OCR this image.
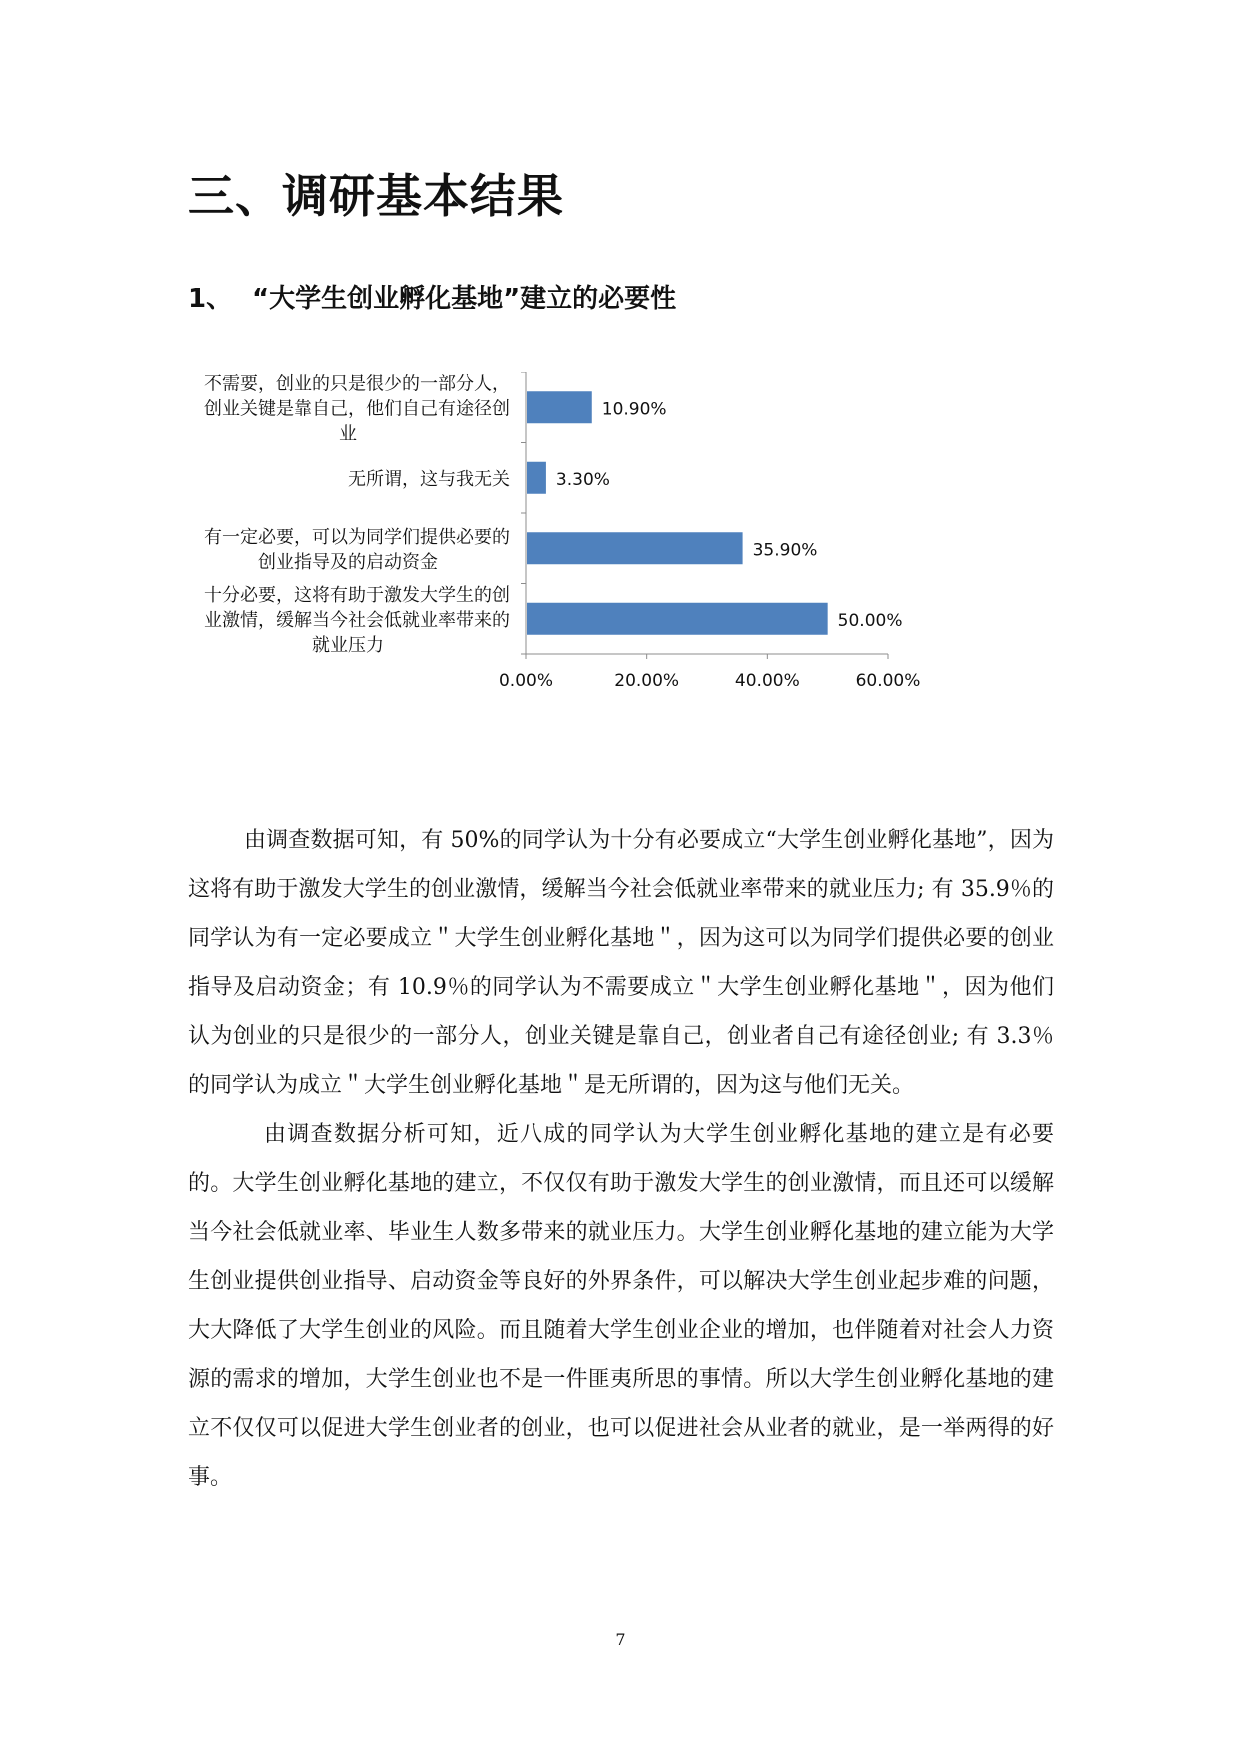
三、调研基本结果
1、 “大学生创业孵化基地”建立的必要性
0.00%	20.00%	40.00%	60.00%
10.90%
不需要，创业的只是很少的一部分人，
创业关键是靠自己，他们自己有途径创
业
3.30%
无所谓，这与我无关
35.90%
有一定必要，可以为同学们提供必要的
创业指导及的启动资金
50.00%
十分必要，这将有助于激发大学生的创
业激情，缓解当今社会低就业率带来的
就业压力

由调查数据可知，有 50%的同学认为十分有必要成立“大学生创业孵化基地”，因为这将有助于激发大学生的创业激情，缓解当今社会低就业率带来的就业压力; 有 35.9％的同学认为有一定必要成立＂大学生创业孵化基地＂，因为这可以为同学们提供必要的创业指导及启动资金；有 10.9％的同学认为不需要成立＂大学生创业孵化基地＂，因为他们认为创业的只是很少的一部分人，创业关键是靠自己，创业者自己有途径创业; 有 3.3％的同学认为成立＂大学生创业孵化基地＂是无所谓的，因为这与他们无关。

由调查数据分析可知，近八成的同学认为大学生创业孵化基地的建立是有必要的。大学生创业孵化基地的建立，不仅仅有助于激发大学生的创业激情，而且还可以缓解当今社会低就业率、毕业生人数多带来的就业压力。大学生创业孵化基地的建立能为大学生创业提供创业指导、启动资金等良好的外界条件，可以解决大学生创业起步难的问题，大大降低了大学生创业的风险。而且随着大学生创业企业的增加，也伴随着对社会人力资源的需求的增加，大学生创业也不是一件匪夷所思的事情。所以大学生创业孵化基地的建立不仅仅可以促进大学生创业者的创业，也可以促进社会从业者的就业，是一举两得的好事。

7
